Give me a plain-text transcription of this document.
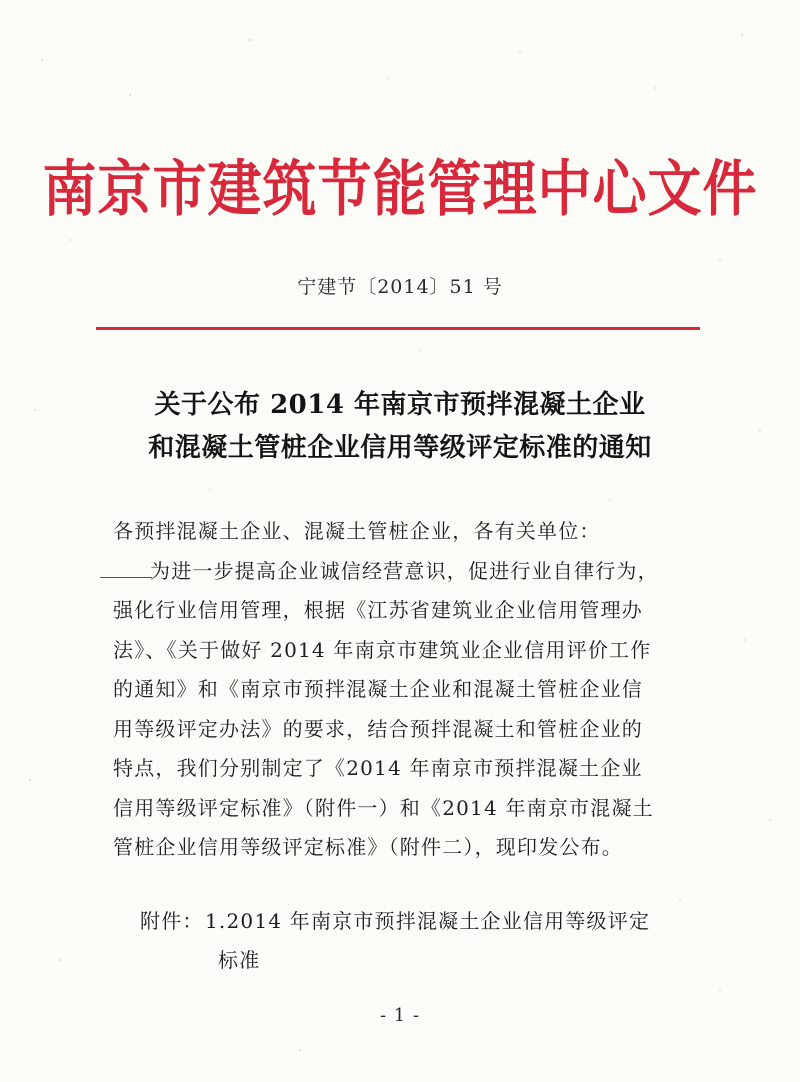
南京市建筑节能管理中心文件
宁建节〔2014〕51 号
关于公布 2014 年南京市预拌混凝土企业
和混凝土管桩企业信用等级评定标准的通知
各预拌混凝土企业、混凝土管桩企业，各有关单位：
为进一步提高企业诚信经营意识，促进行业自律行为，
强化行业信用管理，根据《江苏省建筑业企业信用管理办
法》、《关于做好 2014 年南京市建筑业企业信用评价工作
的通知》和《南京市预拌混凝土企业和混凝土管桩企业信
用等级评定办法》的要求，结合预拌混凝土和管桩企业的
特点，我们分别制定了《2014 年南京市预拌混凝土企业
信用等级评定标准》（附件一）和《2014 年南京市混凝土
管桩企业信用等级评定标准》（附件二），现印发公布。
附件： 1.2014 年南京市预拌混凝土企业信用等级评定
标准
- 1 -
